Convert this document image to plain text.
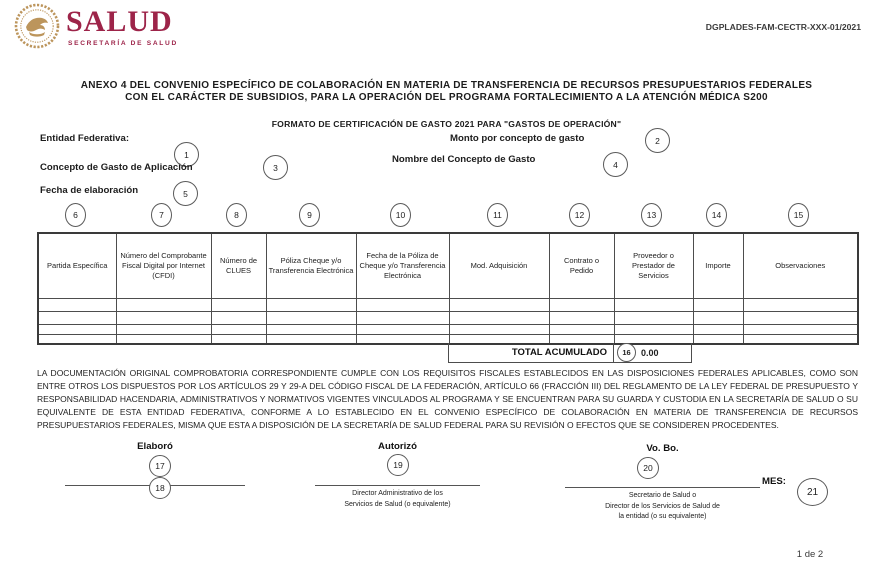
SALUD
SECRETARÍA DE SALUD
DGPLADES-FAM-CECTR-XXX-01/2021
ANEXO 4 DEL CONVENIO ESPECÍFICO DE COLABORACIÓN EN MATERIA DE TRANSFERENCIA DE RECURSOS PRESUPUESTARIOS FEDERALES
CON EL CARÁCTER DE SUBSIDIOS, PARA LA OPERACIÓN DEL PROGRAMA FORTALECIMIENTO A LA ATENCIÓN MÉDICA S200
FORMATO DE CERTIFICACIÓN DE GASTO 2021 PARA "GASTOS DE OPERACIÓN"
Entidad Federativa:
1
Monto por concepto de gasto	2
Concepto de Gasto de Aplicación	3
Nombre del Concepto de Gasto	4
Fecha de elaboración	5
6	7	8	9	10	11	12	13	14	15
Partida Específica	Número del Comprobante Fiscal Digital por Internet (CFDI)	Número de CLUES	Póliza Cheque y/o Transferencia Electrónica	Fecha de la Póliza de Cheque y/o Transferencia Electrónica	Mod. Adquisición	Contrato o Pedido	Proveedor o Prestador de Servicios	Importe	Observaciones

TOTAL ACUMULADO	16	0.00
LA DOCUMENTACIÓN ORIGINAL COMPROBATORIA CORRESPONDIENTE CUMPLE CON LOS REQUISITOS FISCALES ESTABLECIDOS EN LAS DISPOSICIONES FEDERALES APLICABLES, COMO SON ENTRE OTROS LOS DISPUESTOS POR LOS ARTÍCULOS 29 Y 29-A DEL CÓDIGO FISCAL DE LA FEDERACIÓN, ARTÍCULO 66 (FRACCIÓN III) DEL REGLAMENTO DE LA LEY FEDERAL DE PRESUPUESTO Y RESPONSABILIDAD HACENDARIA, ADMINISTRATIVOS Y NORMATIVOS VIGENTES VINCULADOS AL PROGRAMA Y SE ENCUENTRAN PARA SU GUARDA Y CUSTODIA EN LA SECRETARÍA DE SALUD O SU EQUIVALENTE DE ESTA ENTIDAD FEDERATIVA, CONFORME A LO ESTABLECIDO EN EL CONVENIO ESPECÍFICO DE COLABORACIÓN EN MATERIA DE TRANSFERENCIA DE RECURSOS PRESUPUESTARIOS FEDERALES, MISMA QUE ESTA A DISPOSICIÓN DE LA SECRETARÍA DE SALUD FEDERAL PARA SU REVISIÓN O EFECTOS QUE SE CONSIDEREN PROCEDENTES.
Elaboró
17
18
Autorizó
19
Director Administrativo de los
Servicios de Salud (o equivalente)
Vo. Bo.
20
Secretario de Salud o
Director de los Servicios de Salud de
la entidad (o su equivalente)
MES:
21
1 de 2
